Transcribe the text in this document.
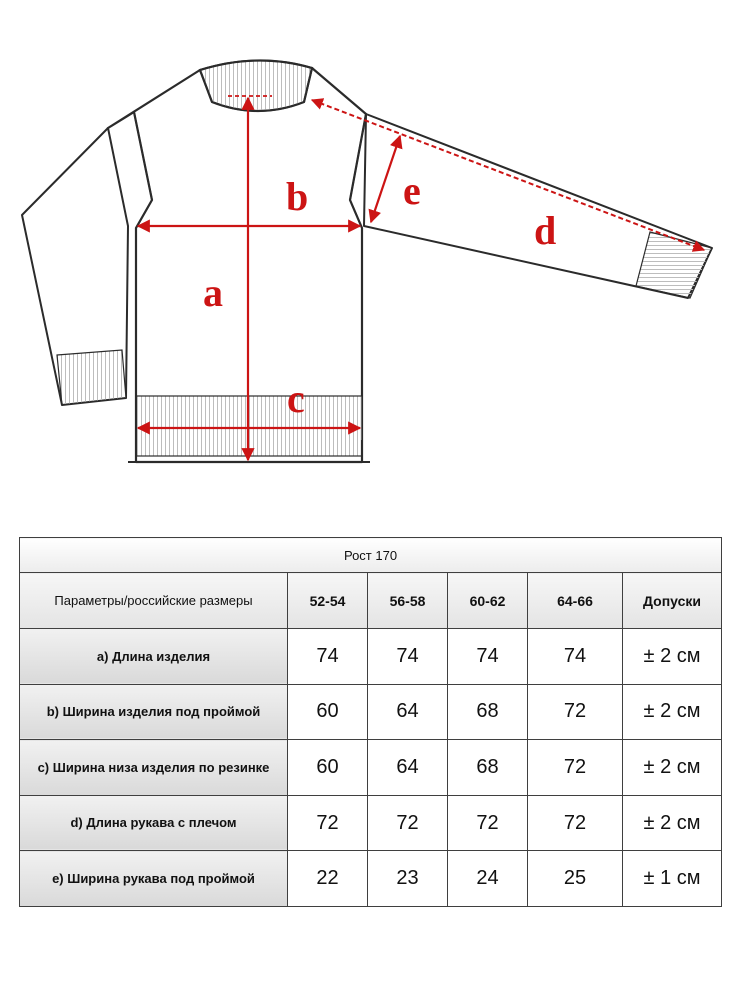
a
b
c
d
e
Рост 170					
Параметры/российские размеры	52-54	56-58	60-62	64-66	Допуски
a) Длина изделия	74	74	74	74	± 2 см
b) Ширина изделия под проймой	60	64	68	72	± 2 см
c) Ширина низа изделия по резинке	60	64	68	72	± 2 см
d) Длина рукава с плечом	72	72	72	72	± 2 см
e) Ширина рукава под проймой	22	23	24	25	± 1 см
